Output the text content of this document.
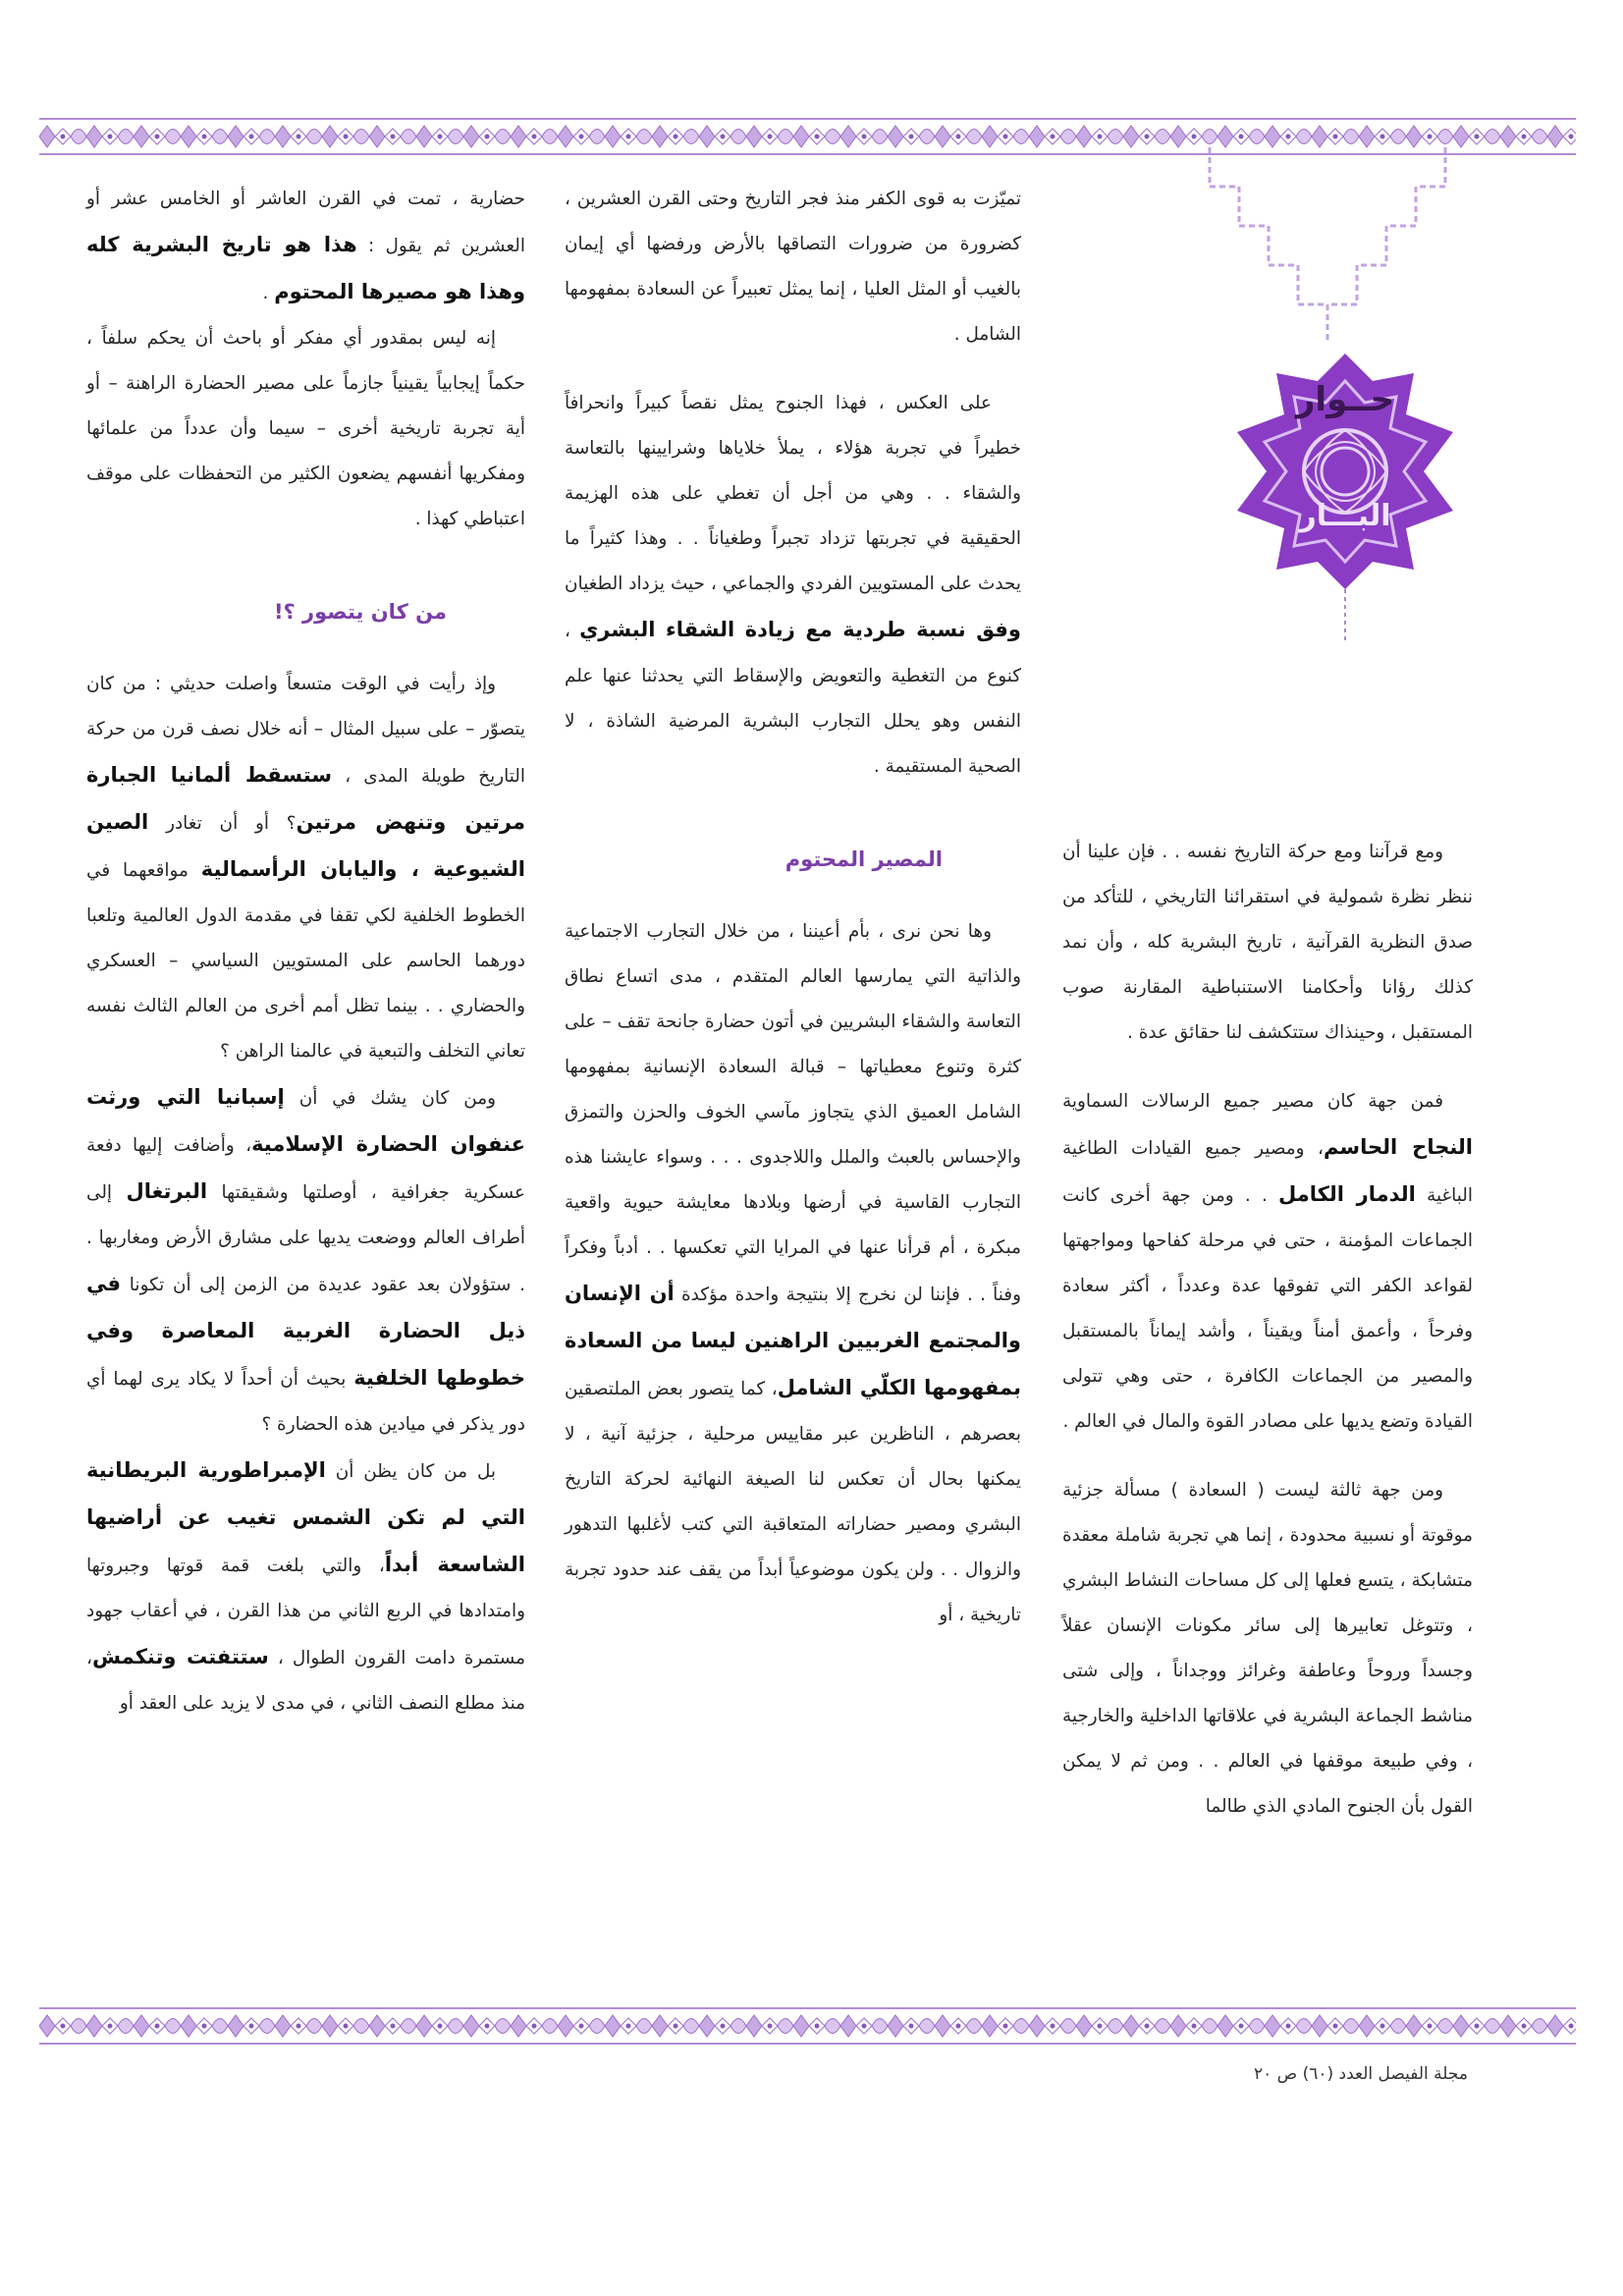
حــوار
البـــار

ومع قرآننا ومع حركة التاريخ نفسه . . فإن علينا أن ننظر نظرة شمولية في استقرائنا التاريخي ، للتأكد من صدق النظرية القرآنية ، تاريخ البشرية كله ، وأن نمد كذلك رؤانا وأحكامنا الاستنباطية المقارنة صوب المستقبل ، وحينذاك ستتكشف لنا حقائق عدة .

فمن جهة كان مصير جميع الرسالات السماوية النجاح الحاسم، ومصير جميع القيادات الطاغية الباغية الدمار الكامل . . ومن جهة أخرى كانت الجماعات المؤمنة ، حتى في مرحلة كفاحها ومواجهتها لقواعد الكفر التي تفوقها عدة وعدداً ، أكثر سعادة وفرحاً ، وأعمق أمناً ويقيناً ، وأشد إيماناً بالمستقبل والمصير من الجماعات الكافرة ، حتى وهي تتولى القيادة وتضع يديها على مصادر القوة والمال في العالم .

ومن جهة ثالثة ليست ( السعادة ) مسألة جزئية موقوتة أو نسبية محدودة ، إنما هي تجربة شاملة معقدة متشابكة ، يتسع فعلها إلى كل مساحات النشاط البشري ، وتتوغل تعابيرها إلى سائر مكونات الإنسان عقلاً وجسداً وروحاً وعاطفة وغرائز ووجداناً ، وإلى شتى مناشط الجماعة البشرية في علاقاتها الداخلية والخارجية ، وفي طبيعة موقفها في العالم . . ومن ثم لا يمكن القول بأن الجنوح المادي الذي طالما

تميّزت به قوى الكفر منذ فجر التاريخ وحتى القرن العشرين ، كضرورة من ضرورات التصاقها بالأرض ورفضها أي إيمان بالغيب أو المثل العليا ، إنما يمثل تعبيراً عن السعادة بمفهومها الشامل .

على العكس ، فهذا الجنوح يمثل نقصاً كبيراً وانحرافاً خطيراً في تجربة هؤلاء ، يملأ خلاياها وشرايينها بالتعاسة والشقاء . . وهي من أجل أن تغطي على هذه الهزيمة الحقيقية في تجربتها تزداد تجبراً وطغياناً . . وهذا كثيراً ما يحدث على المستويين الفردي والجماعي ، حيث يزداد الطغيان وفق نسبة طردية مع زيادة الشقاء البشري ، كنوع من التغطية والتعويض والإسقاط التي يحدثنا عنها علم النفس وهو يحلل التجارب البشرية المرضية الشاذة ، لا الصحية المستقيمة .

المصير المحتوم

وها نحن نرى ، بأم أعيننا ، من خلال التجارب الاجتماعية والذاتية التي يمارسها العالم المتقدم ، مدى اتساع نطاق التعاسة والشقاء البشريين في أتون حضارة جانحة تقف – على كثرة وتنوع معطياتها – قبالة السعادة الإنسانية بمفهومها الشامل العميق الذي يتجاوز مآسي الخوف والحزن والتمزق والإحساس بالعبث والملل واللاجدوى . . . وسواء عايشنا هذه التجارب القاسية في أرضها وبلادها معايشة حيوية واقعية مبكرة ، أم قرأنا عنها في المرايا التي تعكسها . . أدباً وفكراً وفناً . . فإننا لن نخرج إلا بنتيجة واحدة مؤكدة أن الإنسان والمجتمع الغربيين الراهنين ليسا من السعادة بمفهومها الكلّي الشامل، كما يتصور بعض الملتصقين بعصرهم ، الناظرين عبر مقاييس مرحلية ، جزئية آنية ، لا يمكنها بحال أن تعكس لنا الصيغة النهائية لحركة التاريخ البشري ومصير حضاراته المتعاقبة التي كتب لأغلبها التدهور والزوال . . ولن يكون موضوعياً أبداً من يقف عند حدود تجربة تاريخية ، أو

حضارية ، تمت في القرن العاشر أو الخامس عشر أو العشرين ثم يقول : هذا هو تاريخ البشرية كله وهذا هو مصيرها المحتوم .

إنه ليس بمقدور أي مفكر أو باحث أن يحكم سلفاً ، حكماً إيجابياً يقينياً جازماً على مصير الحضارة الراهنة – أو أية تجربة تاريخية أخرى – سيما وأن عدداً من علمائها ومفكريها أنفسهم يضعون الكثير من التحفظات على موقف اعتباطي كهذا .

من كان يتصور ؟!

وإذ رأيت في الوقت متسعاً واصلت حديثي : من كان يتصوّر – على سبيل المثال – أنه خلال نصف قرن من حركة التاريخ طويلة المدى ، ستسقط ألمانيا الجبارة مرتين وتنهض مرتين؟ أو أن تغادر الصين الشيوعية ، واليابان الرأسمالية مواقعهما في الخطوط الخلفية لكي تقفا في مقدمة الدول العالمية وتلعبا دورهما الحاسم على المستويين السياسي – العسكري والحضاري . . بينما تظل أمم أخرى من العالم الثالث نفسه تعاني التخلف والتبعية في عالمنا الراهن ؟

ومن كان يشك في أن إسبانيا التي ورثت عنفوان الحضارة الإسلامية، وأضافت إليها دفعة عسكرية جغرافية ، أوصلتها وشقيقتها البرتغال إلى أطراف العالم ووضعت يديها على مشارق الأرض ومغاربها . . ستؤولان بعد عقود عديدة من الزمن إلى أن تكونا في ذيل الحضارة الغربية المعاصرة وفي خطوطها الخلفية بحيث أن أحداً لا يكاد يرى لهما أي دور يذكر في ميادين هذه الحضارة ؟

بل من كان يظن أن الإمبراطورية البريطانية التي لم تكن الشمس تغيب عن أراضيها الشاسعة أبداً، والتي بلغت قمة قوتها وجبروتها وامتدادها في الربع الثاني من هذا القرن ، في أعقاب جهود مستمرة دامت القرون الطوال ، ستتفتت وتنكمش، منذ مطلع النصف الثاني ، في مدى لا يزيد على العقد أو

مجلة الفيصل العدد (٦٠) ص ٢٠
